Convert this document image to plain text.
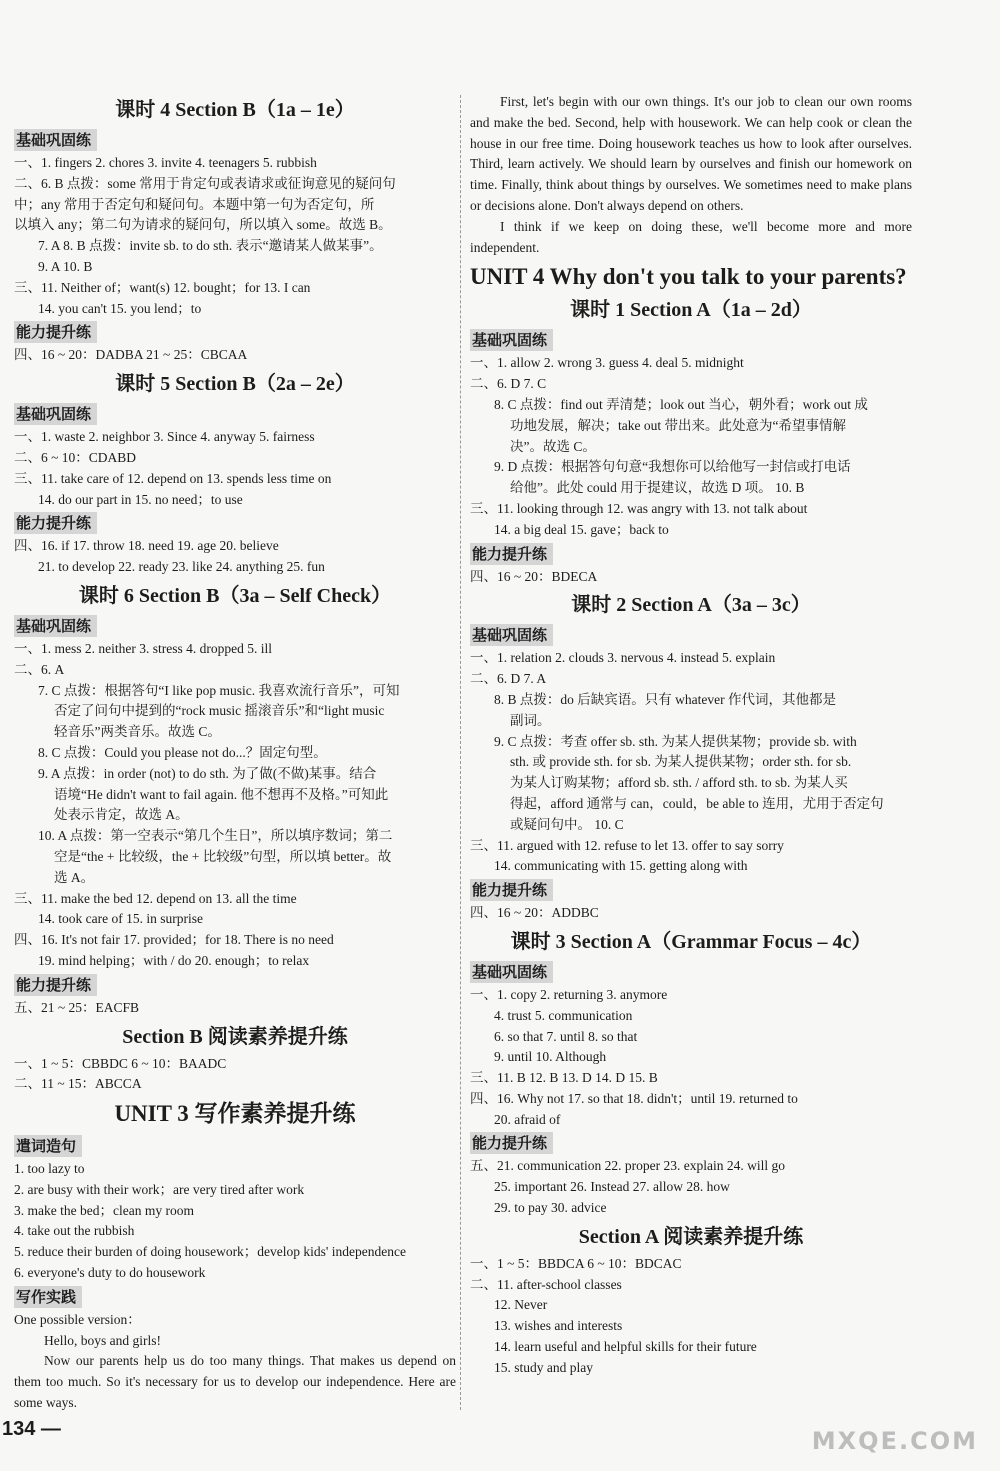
课时 4 Section B（1a – 1e）
基础巩固练
一、1. fingers 2. chores 3. invite 4. teenagers 5. rubbish
二、6. B 点拨：some 常用于肯定句或表请求或征询意见的疑问句
中；any 常用于否定句和疑问句。本题中第一句为否定句，所
以填入 any；第二句为请求的疑问句，所以填入 some。故选 B。
7. A 8. B 点拨：invite sb. to do sth. 表示“邀请某人做某事”。
9. A 10. B
三、11. Neither of；want(s) 12. bought；for 13. I can
14. you can't 15. you lend；to
能力提升练
四、16 ~ 20：DADBA 21 ~ 25：CBCAA
课时 5 Section B（2a – 2e）
基础巩固练
一、1. waste 2. neighbor 3. Since 4. anyway 5. fairness
二、6 ~ 10：CDABD
三、11. take care of 12. depend on 13. spends less time on
14. do our part in 15. no need；to use
能力提升练
四、16. if 17. throw 18. need 19. age 20. believe
21. to develop 22. ready 23. like 24. anything 25. fun
课时 6 Section B（3a – Self Check）
基础巩固练
一、1. mess 2. neither 3. stress 4. dropped 5. ill
二、6. A
7. C 点拨：根据答句“I like pop music. 我喜欢流行音乐”，可知
否定了问句中提到的“rock music 摇滚音乐”和“light music
轻音乐”两类音乐。故选 C。
8. C 点拨：Could you please not do...？固定句型。
9. A 点拨：in order (not) to do sth. 为了做(不做)某事。结合
语境“He didn't want to fail again. 他不想再不及格。”可知此
处表示肯定，故选 A。
10. A 点拨：第一空表示“第几个生日”，所以填序数词；第二
空是“the + 比较级，the + 比较级”句型，所以填 better。故
选 A。
三、11. make the bed 12. depend on 13. all the time
14. took care of 15. in surprise
四、16. It's not fair 17. provided；for 18. There is no need
19. mind helping；with / do 20. enough；to relax
能力提升练
五、21 ~ 25：EACFB
Section B 阅读素养提升练
一、1 ~ 5：CBBDC 6 ~ 10：BAADC
二、11 ~ 15：ABCCA
UNIT 3 写作素养提升练
遣词造句
1. too lazy to
2. are busy with their work；are very tired after work
3. make the bed；clean my room
4. take out the rubbish
5. reduce their burden of doing housework；develop kids' independence
6. everyone's duty to do housework
写作实践
One possible version：
Hello, boys and girls!
Now our parents help us do too many things. That makes us depend on them too much. So it's necessary for us to develop our independence. Here are some ways.
First, let's begin with our own things. It's our job to clean our own rooms and make the bed. Second, help with housework. We can help cook or clean the house in our free time. Doing housework teaches us how to look after ourselves. Third, learn actively. We should learn by ourselves and finish our homework on time. Finally, think about things by ourselves. We sometimes need to make plans or decisions alone. Don't always depend on others.
I think if we keep on doing these, we'll become more and more independent.
UNIT 4 Why don't you talk to your parents?
课时 1 Section A（1a – 2d）
基础巩固练
一、1. allow 2. wrong 3. guess 4. deal 5. midnight
二、6. D 7. C
8. C 点拨：find out 弄清楚；look out 当心，朝外看；work out 成
功地发展，解决；take out 带出来。此处意为“希望事情解
决”。故选 C。
9. D 点拨：根据答句句意“我想你可以给他写一封信或打电话
给他”。此处 could 用于提建议，故选 D 项。 10. B
三、11. looking through 12. was angry with 13. not talk about
14. a big deal 15. gave；back to
能力提升练
四、16 ~ 20：BDECA
课时 2 Section A（3a – 3c）
基础巩固练
一、1. relation 2. clouds 3. nervous 4. instead 5. explain
二、6. D 7. A
8. B 点拨：do 后缺宾语。只有 whatever 作代词，其他都是
副词。
9. C 点拨：考查 offer sb. sth. 为某人提供某物；provide sb. with
sth. 或 provide sth. for sb. 为某人提供某物；order sth. for sb.
为某人订购某物；afford sb. sth. / afford sth. to sb. 为某人买
得起，afford 通常与 can，could，be able to 连用，尤用于否定句
或疑问句中。 10. C
三、11. argued with 12. refuse to let 13. offer to say sorry
14. communicating with 15. getting along with
能力提升练
四、16 ~ 20：ADDBC
课时 3 Section A（Grammar Focus – 4c）
基础巩固练
一、1. copy 2. returning 3. anymore
4. trust 5. communication
6. so that 7. until 8. so that
9. until 10. Although
三、11. B 12. B 13. D 14. D 15. B
四、16. Why not 17. so that 18. didn't；until 19. returned to
20. afraid of
能力提升练
五、21. communication 22. proper 23. explain 24. will go
25. important 26. Instead 27. allow 28. how
29. to pay 30. advice
Section A 阅读素养提升练
一、1 ~ 5：BBDCA 6 ~ 10：BDCAC
二、11. after-school classes
12. Never
13. wishes and interests
14. learn useful and helpful skills for their future
15. study and play
134 —	MXQE.COM
